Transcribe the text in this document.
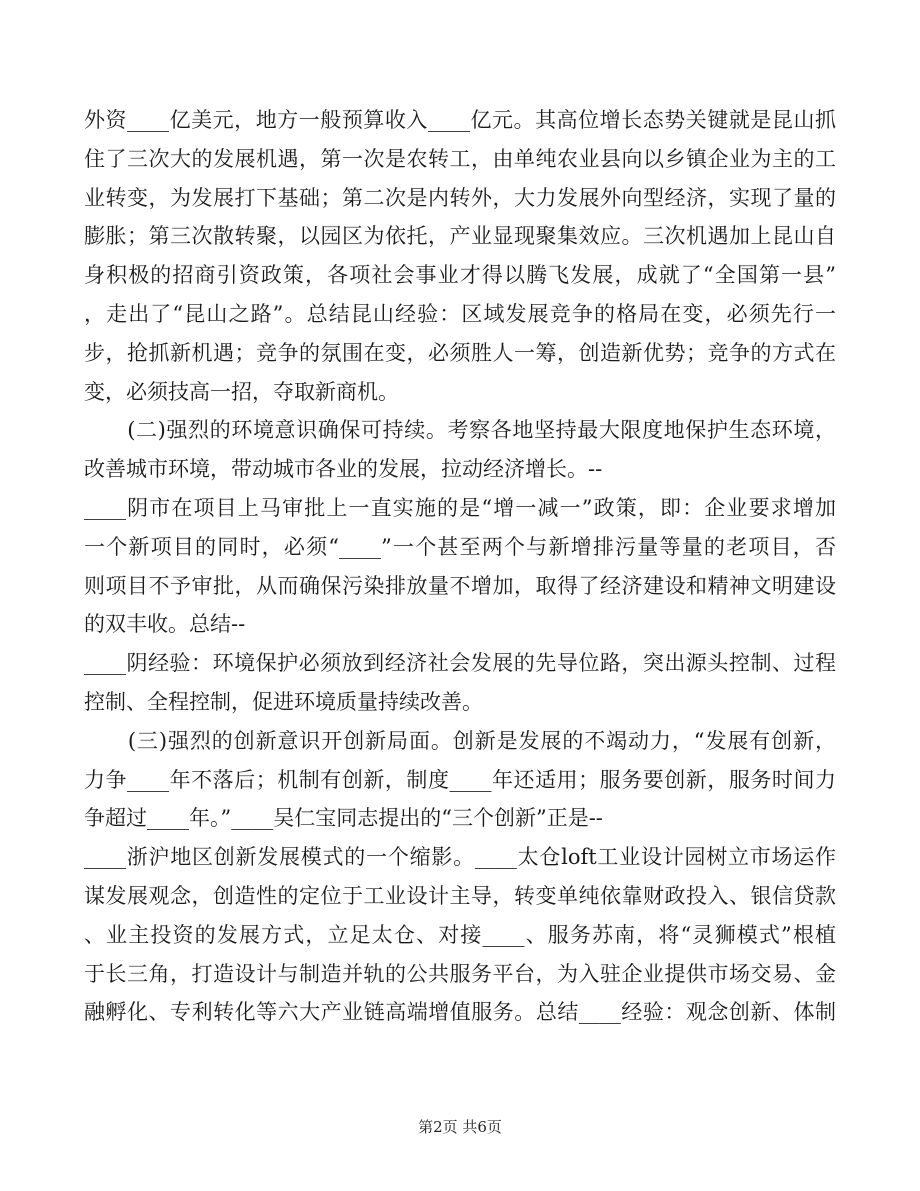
外资____亿美元，地方一般预算收入____亿元。其高位增长态势关键就是昆山抓
住了三次大的发展机遇，第一次是农转工，由单纯农业县向以乡镇企业为主的工
业转变，为发展打下基础；第二次是内转外，大力发展外向型经济，实现了量的
膨胀；第三次散转聚，以园区为依托，产业显现聚集效应。三次机遇加上昆山自
身积极的招商引资政策，各项社会事业才得以腾飞发展，成就了“全国第一县”
，走出了“昆山之路”。总结昆山经验：区域发展竞争的格局在变，必须先行一
步，抢抓新机遇；竞争的氛围在变，必须胜人一筹，创造新优势；竞争的方式在
变，必须技高一招，夺取新商机。
　　(二)强烈的环境意识确保可持续。考察各地坚持最大限度地保护生态环境，
改善城市环境，带动城市各业的发展，拉动经济增长。--
____阴市在项目上马审批上一直实施的是“增一减一”政策，即：企业要求增加
一个新项目的同时，必须“____”一个甚至两个与新增排污量等量的老项目，否
则项目不予审批，从而确保污染排放量不增加，取得了经济建设和精神文明建设
的双丰收。总结--
____阴经验：环境保护必须放到经济社会发展的先导位路，突出源头控制、过程
控制、全程控制，促进环境质量持续改善。
　　(三)强烈的创新意识开创新局面。创新是发展的不竭动力，“发展有创新，
力争____年不落后；机制有创新，制度____年还适用；服务要创新，服务时间力
争超过____年。”____吴仁宝同志提出的“三个创新”正是--
____浙沪地区创新发展模式的一个缩影。____太仓loft工业设计园树立市场运作
谋发展观念，创造性的定位于工业设计主导，转变单纯依靠财政投入、银信贷款
、业主投资的发展方式，立足太仓、对接____、服务苏南，将“灵狮模式”根植
于长三角，打造设计与制造并轨的公共服务平台，为入驻企业提供市场交易、金
融孵化、专利转化等六大产业链高端增值服务。总结____经验：观念创新、体制
第2页 共6页
